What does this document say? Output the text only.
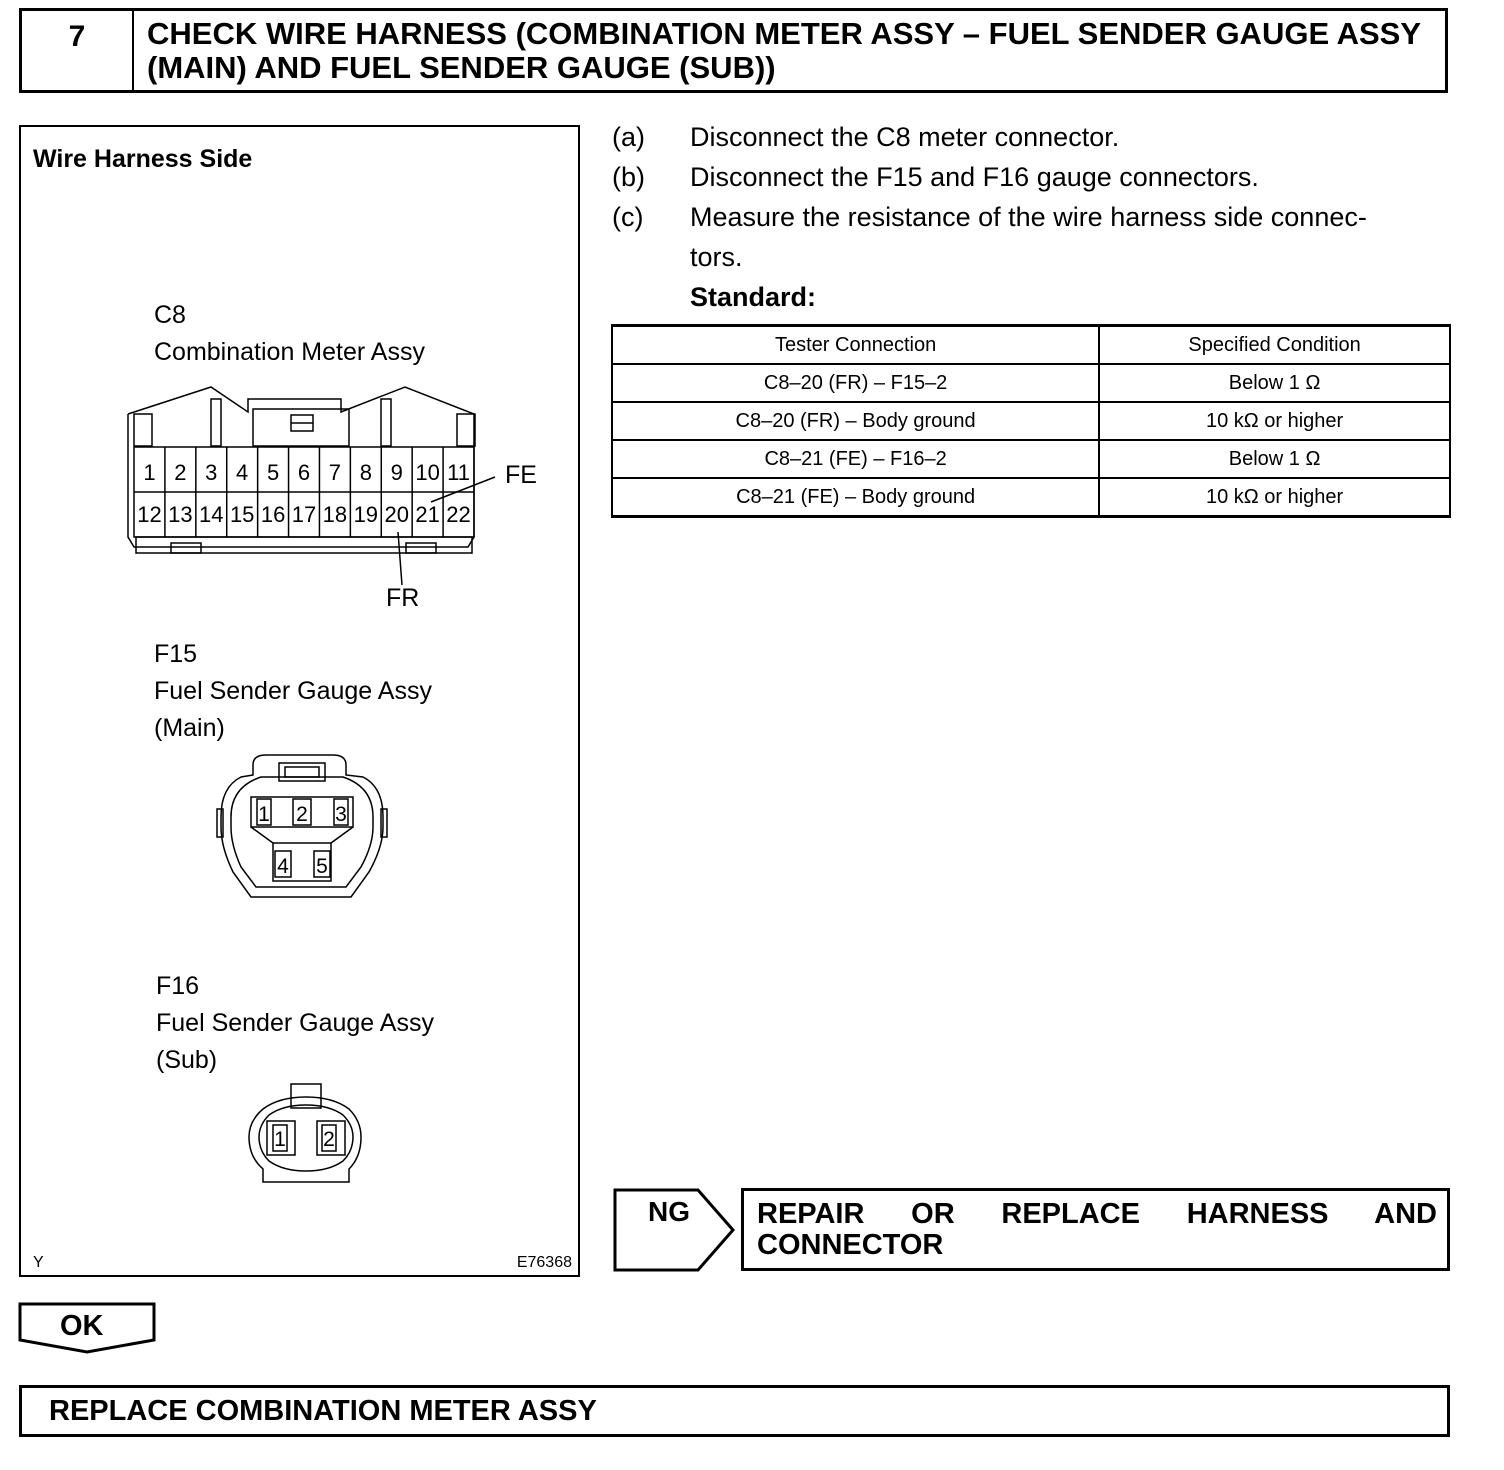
7	CHECK WIRE HARNESS (COMBINATION METER ASSY – FUEL SENDER GAUGE ASSY (MAIN) AND FUEL SENDER GAUGE (SUB))
Wire Harness Side
C8
Combination Meter Assy
1 2 3 4 5 6 7 8 9 10 11
12 13 14 15 16 17 18 19 20 21 22
FE
FR
F15
Fuel Sender Gauge Assy
(Main)
1 2 3
4 5
F16
Fuel Sender Gauge Assy
(Sub)
1 2
Y	E76368
(a)	Disconnect the C8 meter connector.
(b)	Disconnect the F15 and F16 gauge connectors.
(c)	Measure the resistance of the wire harness side connec-
tors.
Standard:
Tester Connection	Specified Condition
C8–20 (FR) – F15–2	Below 1 Ω
C8–20 (FR) – Body ground	10 kΩ or higher
C8–21 (FE) – F16–2	Below 1 Ω
C8–21 (FE) – Body ground	10 kΩ or higher
NG REPAIR OR REPLACE HARNESS AND CONNECTOR
OK
REPLACE COMBINATION METER ASSY
